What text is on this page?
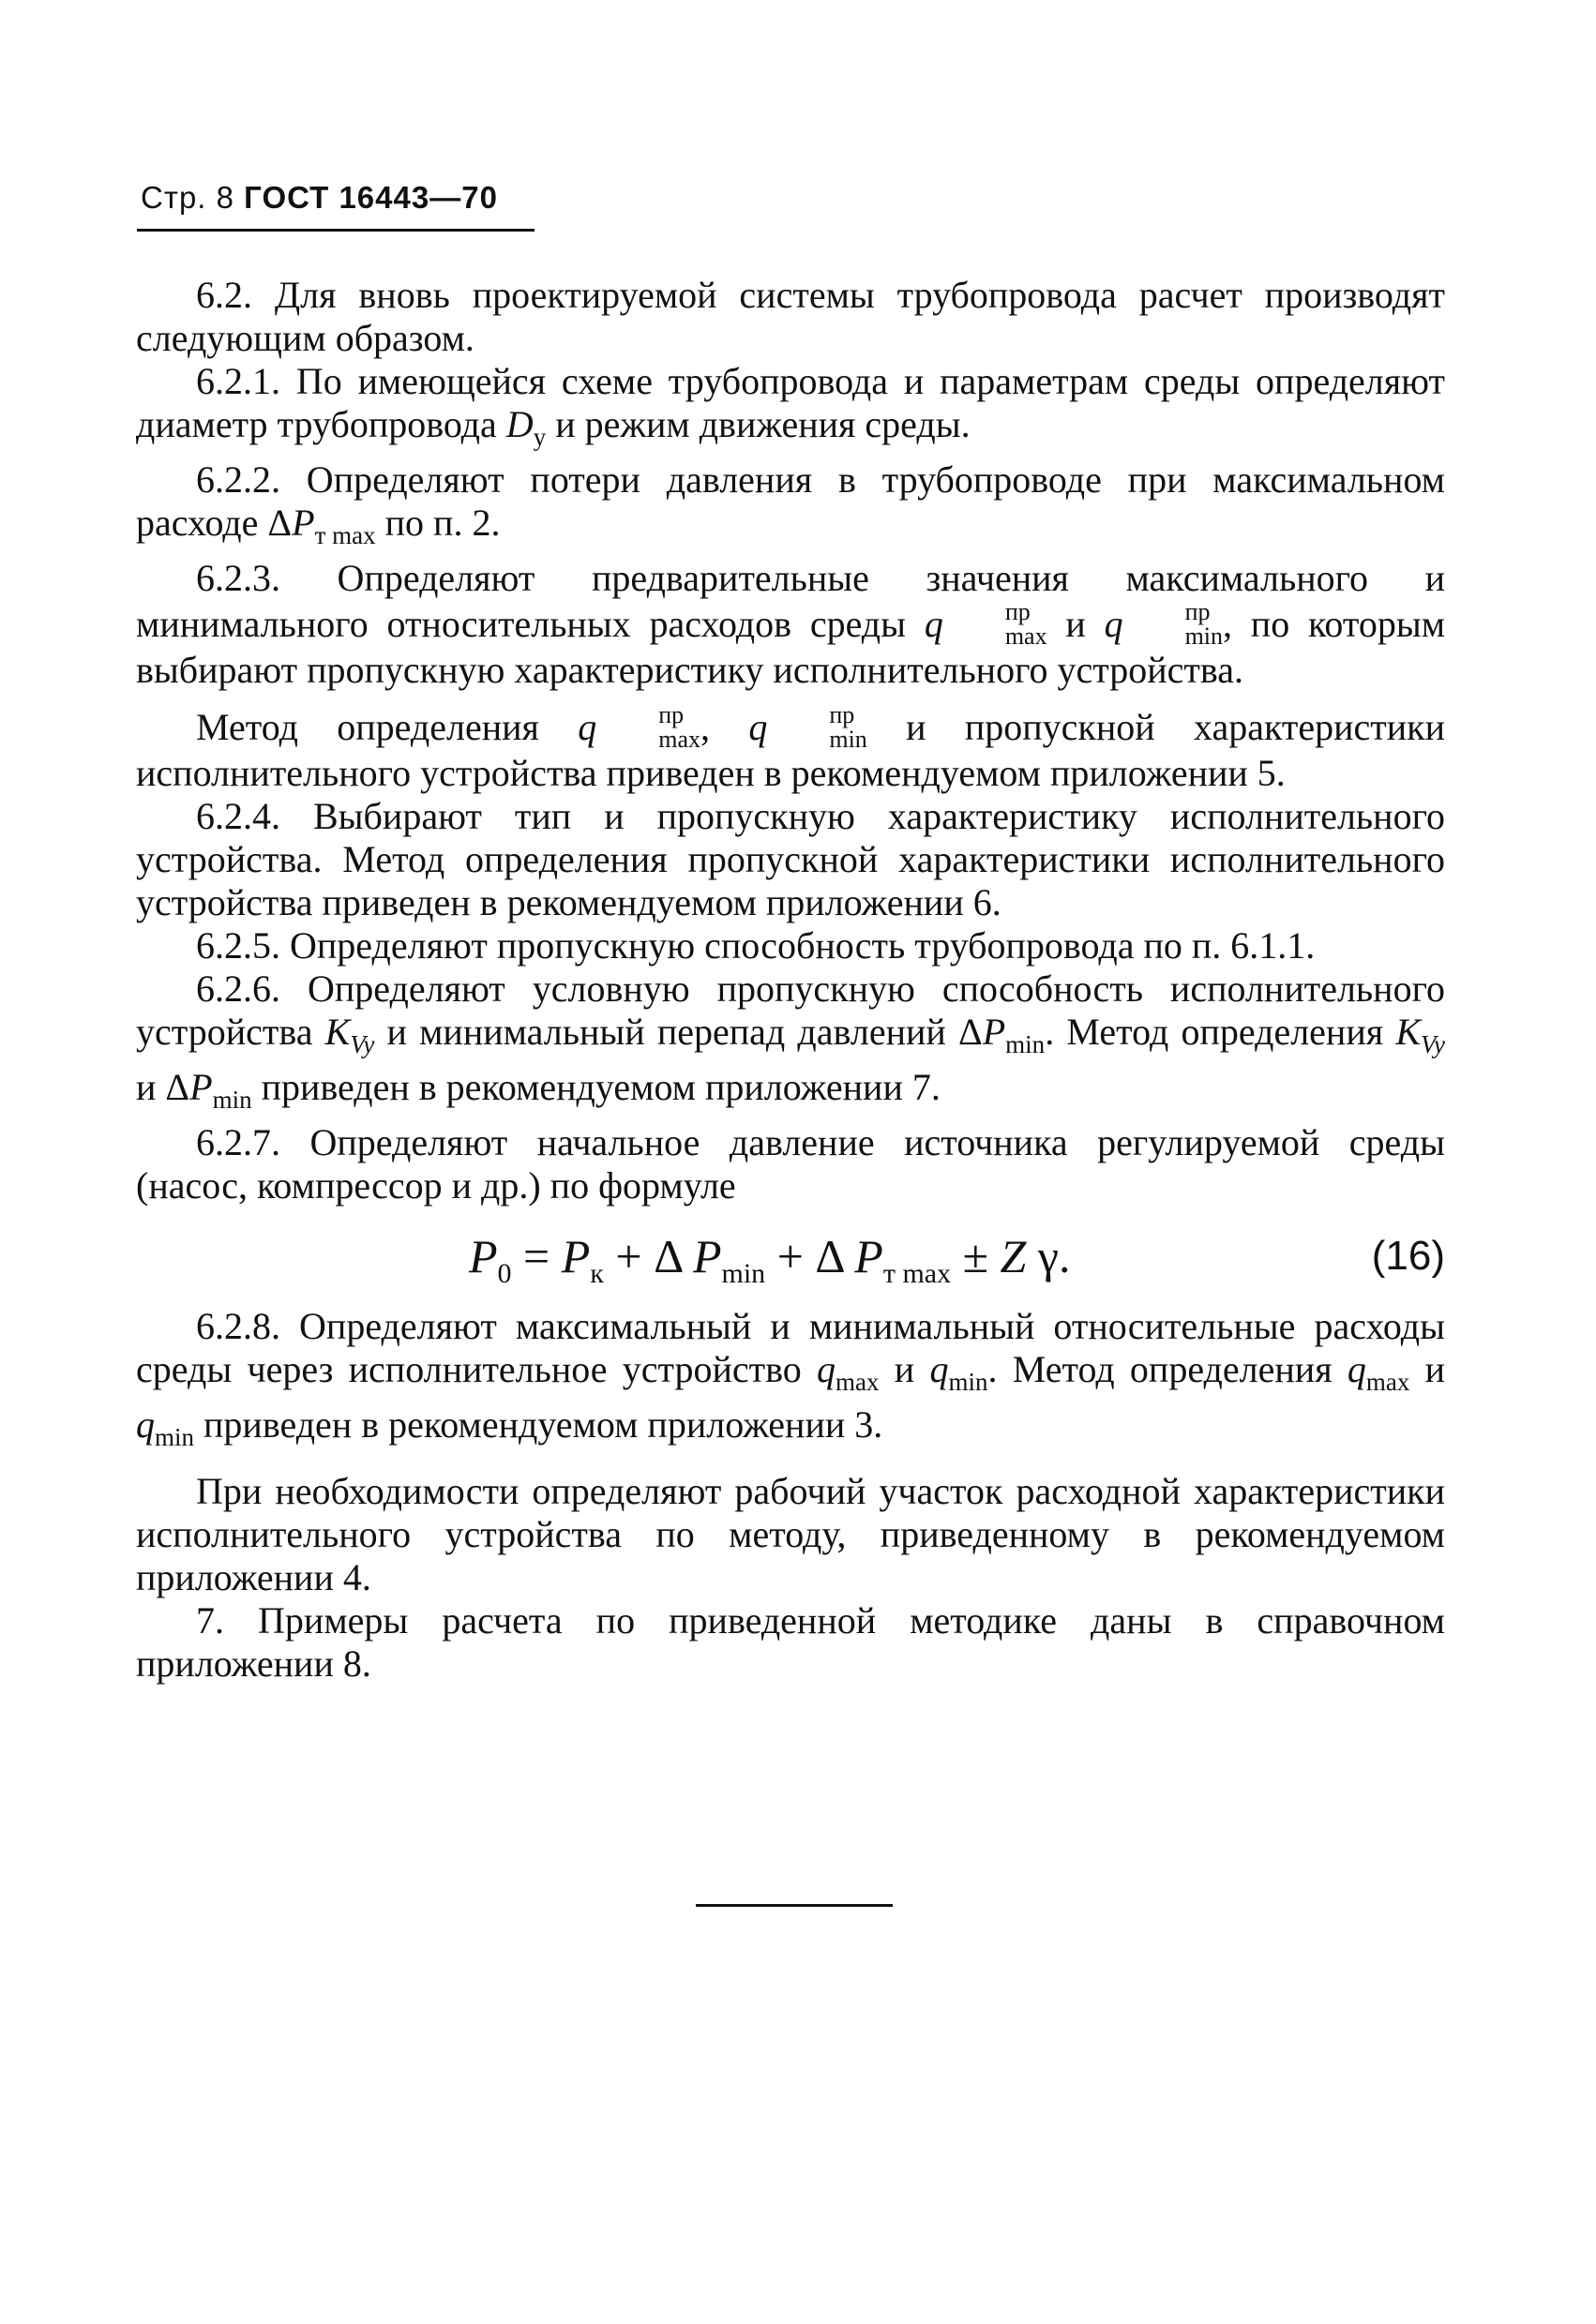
Стр. 8 ГОСТ 16443—70

6.2. Для вновь проектируемой системы трубопровода расчет производят следующим образом.

6.2.1. По имеющейся схеме трубопровода и параметрам среды определяют диаметр трубопровода $D_y$ и режим движения среды.

6.2.2. Определяют потери давления в трубопроводе при максимальном расходе $\Delta P_{т max}$ по п. 2.

6.2.3. Определяют предварительные значения максимального и минимального относительных расходов среды q	пр
max и q	пр
min , по которым выбирают пропускную характеристику исполнительного устройства.

Метод определения q	пр
max , q	пр
min и пропускной характеристики исполнительного устройства приведен в рекомендуемом приложении 5.

6.2.4. Выбирают тип и пропускную характеристику исполнительного устройства. Метод определения пропускной характеристики исполнительного устройства приведен в рекомендуемом приложении 6.

6.2.5. Определяют пропускную способность трубопровода по п. 6.1.1.

6.2.6. Определяют условную пропускную способность исполнительного устройства $K_{Vy}$ и минимальный перепад давлений $\Delta P_{min}$. Метод определения $K_{Vy}$ и $\Delta P_{min}$ приведен в рекомендуемом приложении 7.

6.2.7. Определяют начальное давление источника регулируемой среды (насос, компрессор и др.) по формуле

$P_0 = P_к + \Delta$ $P_{min} + \Delta$ $P_{т max} \pm Z$ γ.	(16)

6.2.8. Определяют максимальный и минимальный относительные расходы среды через исполнительное устройство $q_{max}$ и $q_{min}$. Метод определения $q_{max}$ и $q_{min}$ приведен в рекомендуемом приложении 3.

При необходимости определяют рабочий участок расходной характеристики исполнительного устройства по методу, приведенному в рекомендуемом приложении 4.

7. Примеры расчета по приведенной методике даны в справочном приложении 8.
